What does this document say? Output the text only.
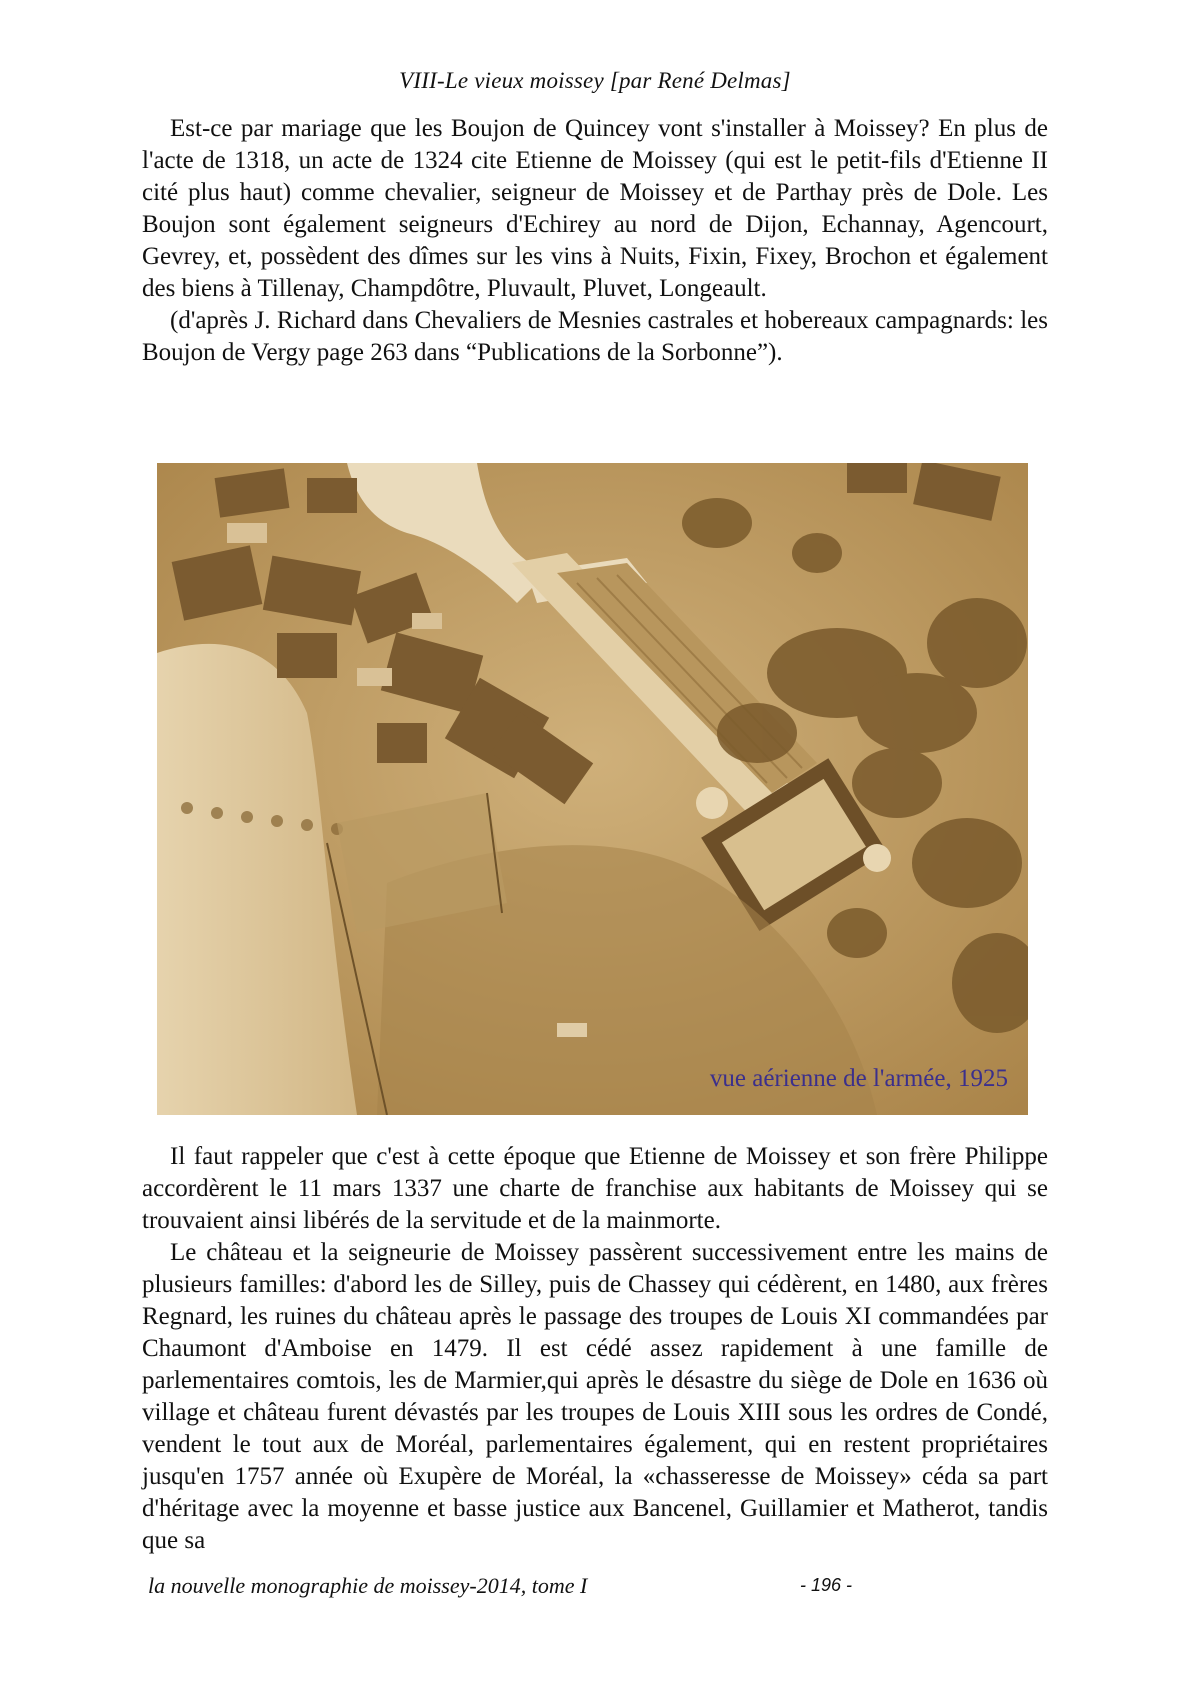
VIII-Le vieux moissey [par René Delmas]

Est-ce par mariage que les Boujon de Quincey vont s'installer à Moissey? En plus de l'acte de 1318, un acte de 1324 cite Etienne de Moissey (qui est le petit-fils d'Etienne II cité plus haut) comme chevalier, seigneur de Moissey et de Parthay près de Dole. Les Boujon sont également seigneurs d'Echirey au nord de Dijon, Echannay, Agencourt, Gevrey, et, possèdent des dîmes sur les vins à Nuits, Fixin, Fixey, Brochon et également des biens à Tillenay, Champdôtre, Pluvault, Pluvet, Longeault.

(d'après J. Richard dans Chevaliers de Mesnies castrales et hobereaux campagnards: les Boujon de Vergy page 263 dans “Publications de la Sorbonne”).

vue aérienne de l'armée, 1925

Il faut rappeler que c'est à cette époque que Etienne de Moissey et son frère Philippe accordèrent le 11 mars 1337 une charte de franchise aux habitants de Moissey qui se trouvaient ainsi libérés de la servitude et de la mainmorte.

Le château et la seigneurie de Moissey passèrent successivement entre les mains de plusieurs familles: d'abord les de Silley, puis de Chassey qui cédèrent, en 1480, aux frères Regnard, les ruines du château après le passage des troupes de Louis XI commandées par Chaumont d'Amboise en 1479. Il est cédé assez rapidement à une famille de parlementaires comtois, les de Marmier,qui après le désastre du siège de Dole en 1636 où village et château furent dévastés par les troupes de Louis XIII sous les ordres de Condé, vendent le tout aux de Moréal, parlementaires également, qui en restent propriétaires jusqu'en 1757 année où Exupère de Moréal, la «chasseresse de Moissey» céda sa part d'héritage avec la moyenne et basse justice aux Bancenel, Guillamier et Matherot, tandis que sa

la nouvelle monographie de moissey-2014, tome I	- 196 -
